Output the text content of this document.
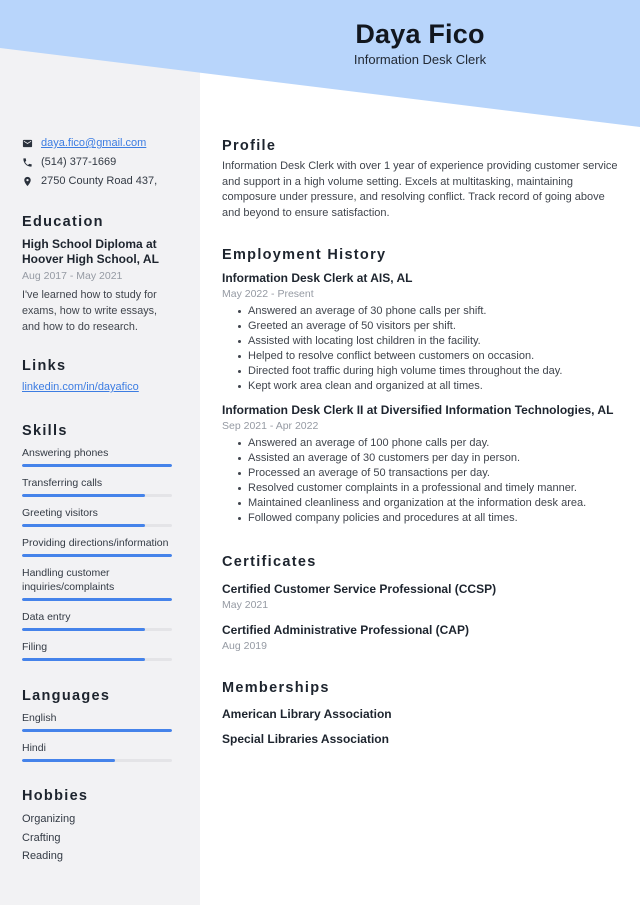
Daya Fico
Information Desk Clerk
daya.fico@gmail.com
(514) 377-1669
2750 County Road 437,
Education
High School Diploma at Hoover High School, AL
Aug 2017 - May 2021
I've learned how to study for exams, how to write essays, and how to do research.
Links
linkedin.com/in/dayafico
Skills
Answering phones
Transferring calls
Greeting visitors
Providing directions/information
Handling customer inquiries/complaints
Data entry
Filing
Languages
English
Hindi
Hobbies
Organizing
Crafting
Reading
Profile
Information Desk Clerk with over 1 year of experience providing customer service and support in a high volume setting. Excels at multitasking, maintaining composure under pressure, and resolving conflict. Track record of going above and beyond to ensure satisfaction.
Employment History
Information Desk Clerk at AIS, AL
May 2022 - Present
Answered an average of 30 phone calls per shift.
Greeted an average of 50 visitors per shift.
Assisted with locating lost children in the facility.
Helped to resolve conflict between customers on occasion.
Directed foot traffic during high volume times throughout the day.
Kept work area clean and organized at all times.
Information Desk Clerk II at Diversified Information Technologies, AL
Sep 2021 - Apr 2022
Answered an average of 100 phone calls per day.
Assisted an average of 30 customers per day in person.
Processed an average of 50 transactions per day.
Resolved customer complaints in a professional and timely manner.
Maintained cleanliness and organization at the information desk area.
Followed company policies and procedures at all times.
Certificates
Certified Customer Service Professional (CCSP)
May 2021
Certified Administrative Professional (CAP)
Aug 2019
Memberships
American Library Association
Special Libraries Association
